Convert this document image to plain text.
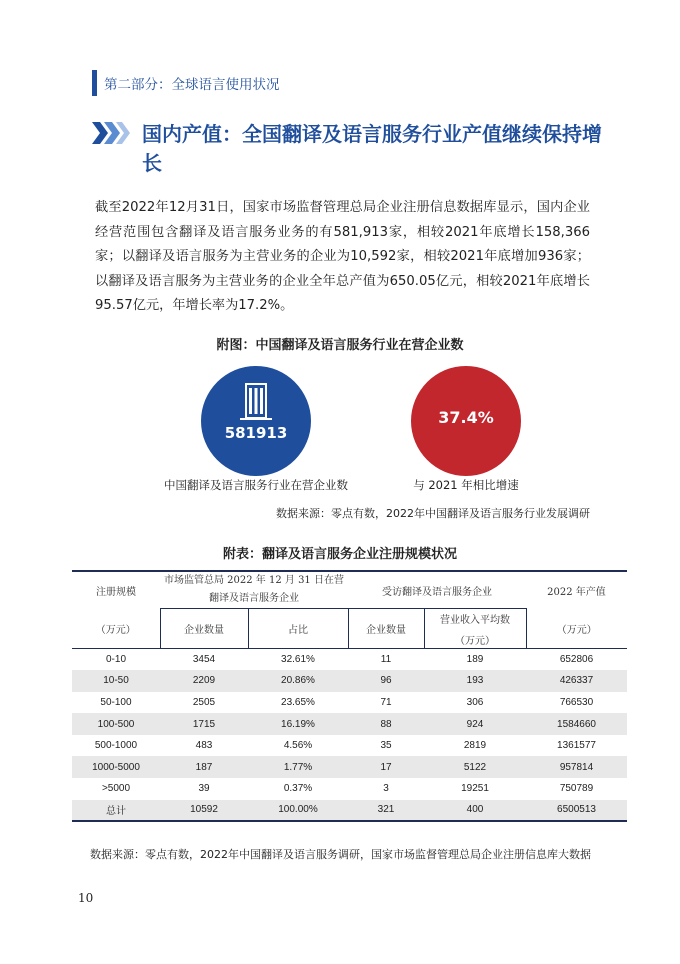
第二部分：全球语言使用状况
国内产值：全国翻译及语言服务行业产值继续保持增长

截至2022年12月31日，国家市场监督管理总局企业注册信息数据库显示，国内企业经营范围包含翻译及语言服务业务的有581,913家，相较2021年底增长158,366家；以翻译及语言服务为主营业务的企业为10,592家，相较2021年底增加936家；以翻译及语言服务为主营业务的企业全年总产值为650.05亿元，相较2021年底增长95.57亿元，年增长率为17.2%。

附图：中国翻译及语言服务行业在营企业数
581913
37.4%
中国翻译及语言服务行业在营企业数	与 2021 年相比增速
数据来源：零点有数，2022年中国翻译及语言服务行业发展调研
附表：翻译及语言服务企业注册规模状况
注册规模	市场监管总局 2022 年 12 月 31 日在营翻译及语言服务企业		受访翻译及语言服务企业		2022 年产值
（万元）	企业数量	占比	企业数量	营业收入平均数
（万元）	（万元）
0-10	3454	32.61%	11	189	652806
10-50	2209	20.86%	96	193	426337
50-100	2505	23.65%	71	306	766530
100-500	1715	16.19%	88	924	1584660
500-1000	483	4.56%	35	2819	1361577
1000-5000	187	1.77%	17	5122	957814
>5000	39	0.37%	3	19251	750789
总计	10592	100.00%	321	400	6500513
数据来源：零点有数，2022年中国翻译及语言服务调研，国家市场监督管理总局企业注册信息库大数据
10
